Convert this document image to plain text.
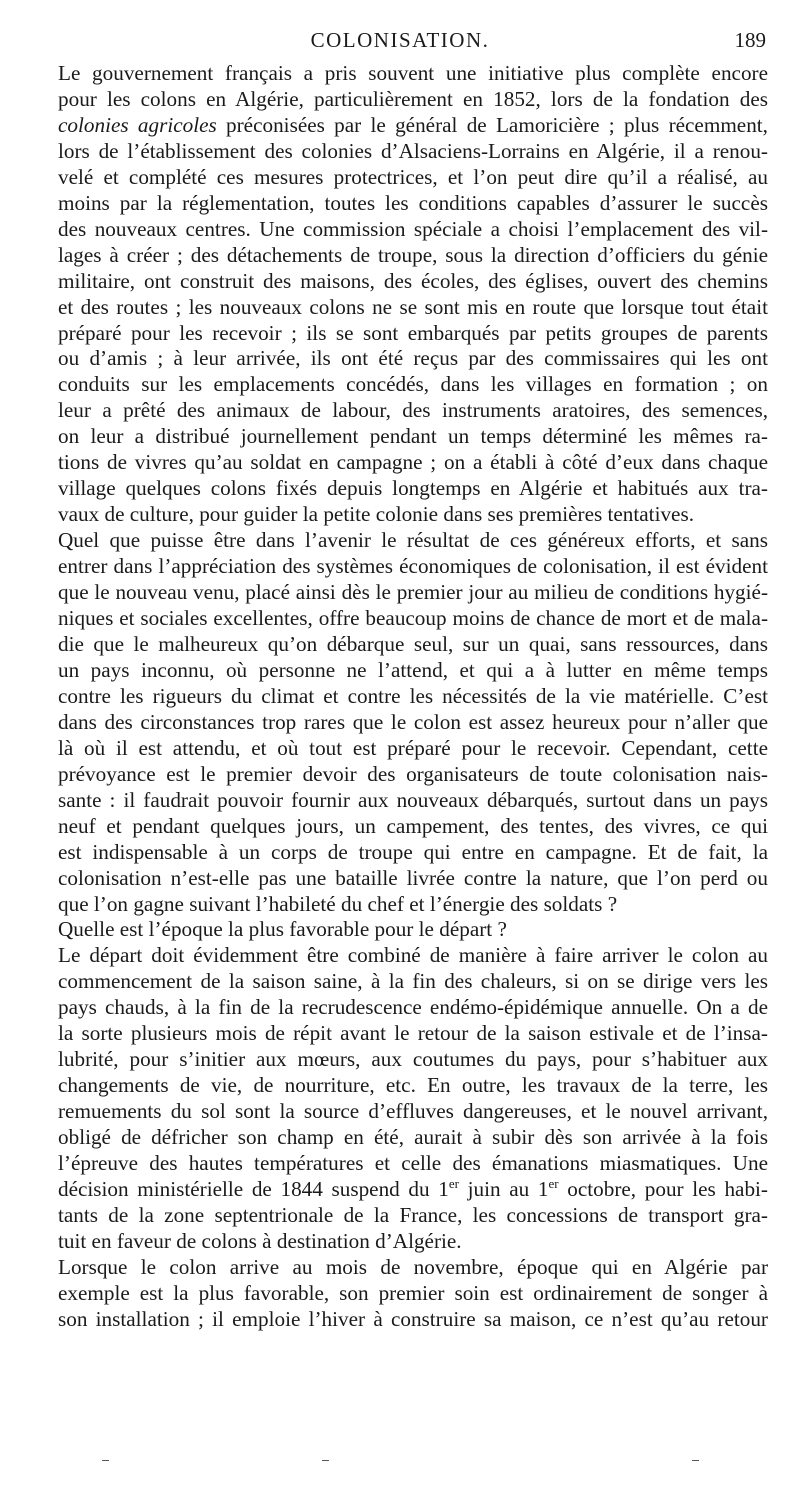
COLONISATION.	189

Le gouvernement français a pris souvent une initiative plus complète encore
pour les colons en Algérie, particulièrement en 1852, lors de la fondation des
colonies agricoles préconisées par le général de Lamoricière ; plus récemment,
lors de l’établissement des colonies d’Alsaciens-Lorrains en Algérie, il a renou-
velé et complété ces mesures protectrices, et l’on peut dire qu’il a réalisé, au
moins par la réglementation, toutes les conditions capables d’assurer le succès
des nouveaux centres. Une commission spéciale a choisi l’emplacement des vil-
lages à créer ; des détachements de troupe, sous la direction d’officiers du génie
militaire, ont construit des maisons, des écoles, des églises, ouvert des chemins
et des routes ; les nouveaux colons ne se sont mis en route que lorsque tout était
préparé pour les recevoir ; ils se sont embarqués par petits groupes de parents
ou d’amis ; à leur arrivée, ils ont été reçus par des commissaires qui les ont
conduits sur les emplacements concédés, dans les villages en formation ; on
leur a prêté des animaux de labour, des instruments aratoires, des semences,
on leur a distribué journellement pendant un temps déterminé les mêmes ra-
tions de vivres qu’au soldat en campagne ; on a établi à côté d’eux dans chaque
village quelques colons fixés depuis longtemps en Algérie et habitués aux tra-
vaux de culture, pour guider la petite colonie dans ses premières tentatives.

Quel que puisse être dans l’avenir le résultat de ces généreux efforts, et sans
entrer dans l’appréciation des systèmes économiques de colonisation, il est évident
que le nouveau venu, placé ainsi dès le premier jour au milieu de conditions hygié-
niques et sociales excellentes, offre beaucoup moins de chance de mort et de mala-
die que le malheureux qu’on débarque seul, sur un quai, sans ressources, dans
un pays inconnu, où personne ne l’attend, et qui a à lutter en même temps
contre les rigueurs du climat et contre les nécessités de la vie matérielle. C’est
dans des circonstances trop rares que le colon est assez heureux pour n’aller que
là où il est attendu, et où tout est préparé pour le recevoir. Cependant, cette
prévoyance est le premier devoir des organisateurs de toute colonisation nais-
sante : il faudrait pouvoir fournir aux nouveaux débarqués, surtout dans un pays
neuf et pendant quelques jours, un campement, des tentes, des vivres, ce qui
est indispensable à un corps de troupe qui entre en campagne. Et de fait, la
colonisation n’est-elle pas une bataille livrée contre la nature, que l’on perd ou
que l’on gagne suivant l’habileté du chef et l’énergie des soldats ?

Quelle est l’époque la plus favorable pour le départ ?

Le départ doit évidemment être combiné de manière à faire arriver le colon au
commencement de la saison saine, à la fin des chaleurs, si on se dirige vers les
pays chauds, à la fin de la recrudescence endémo-épidémique annuelle. On a de
la sorte plusieurs mois de répit avant le retour de la saison estivale et de l’insa-
lubrité, pour s’initier aux mœurs, aux coutumes du pays, pour s’habituer aux
changements de vie, de nourriture, etc. En outre, les travaux de la terre, les
remuements du sol sont la source d’effluves dangereuses, et le nouvel arrivant,
obligé de défricher son champ en été, aurait à subir dès son arrivée à la fois
l’épreuve des hautes températures et celle des émanations miasmatiques. Une
décision ministérielle de 1844 suspend du 1er juin au 1er octobre, pour les habi-
tants de la zone septentrionale de la France, les concessions de transport gra-
tuit en faveur de colons à destination d’Algérie.

Lorsque le colon arrive au mois de novembre, époque qui en Algérie par
exemple est la plus favorable, son premier soin est ordinairement de songer à
son installation ; il emploie l’hiver à construire sa maison, ce n’est qu’au retour
